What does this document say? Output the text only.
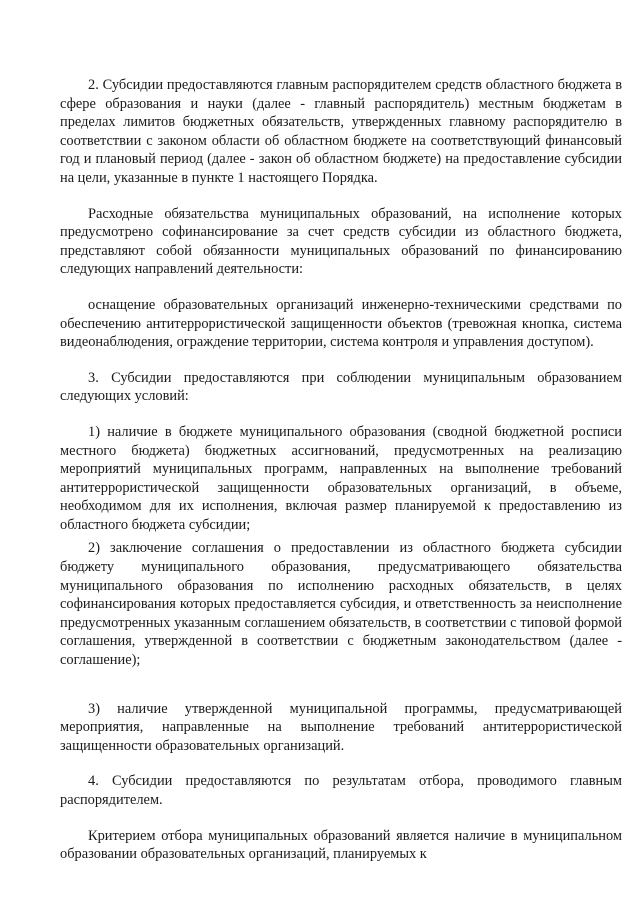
2. Субсидии предоставляются главным распорядителем средств областного бюджета в сфере образования и науки (далее - главный распорядитель) местным бюджетам в пределах лимитов бюджетных обязательств, утвержденных главному распорядителю в соответствии с законом области об областном бюджете на соответствующий финансовый год и плановый период (далее - закон об областном бюджете) на предоставление субсидии на цели, указанные в пункте 1 настоящего Порядка.

Расходные обязательства муниципальных образований, на исполнение которых предусмотрено софинансирование за счет средств субсидии из областного бюджета, представляют собой обязанности муниципальных образований по финансированию следующих направлений деятельности:

оснащение образовательных организаций инженерно-техническими средствами по обеспечению антитеррористической защищенности объектов (тревожная кнопка, система видеонаблюдения, ограждение территории, система контроля и управления доступом).

3. Субсидии предоставляются при соблюдении муниципальным образованием следующих условий:

1) наличие в бюджете муниципального образования (сводной бюджетной росписи местного бюджета) бюджетных ассигнований, предусмотренных на реализацию мероприятий муниципальных программ, направленных на выполнение требований антитеррористической защищенности образовательных организаций, в объеме, необходимом для их исполнения, включая размер планируемой к предоставлению из областного бюджета субсидии;

2) заключение соглашения о предоставлении из областного бюджета субсидии бюджету муниципального образования, предусматривающего обязательства муниципального образования по исполнению расходных обязательств, в целях софинансирования которых предоставляется субсидия, и ответственность за неисполнение предусмотренных указанным соглашением обязательств, в соответствии с типовой формой соглашения, утвержденной в соответствии с бюджетным законодательством (далее - соглашение);

3) наличие утвержденной муниципальной программы, предусматривающей мероприятия, направленные на выполнение требований антитеррористической защищенности образовательных организаций.

4. Субсидии предоставляются по результатам отбора, проводимого главным распорядителем.

Критерием отбора муниципальных образований является наличие в муниципальном образовании образовательных организаций, планируемых к
